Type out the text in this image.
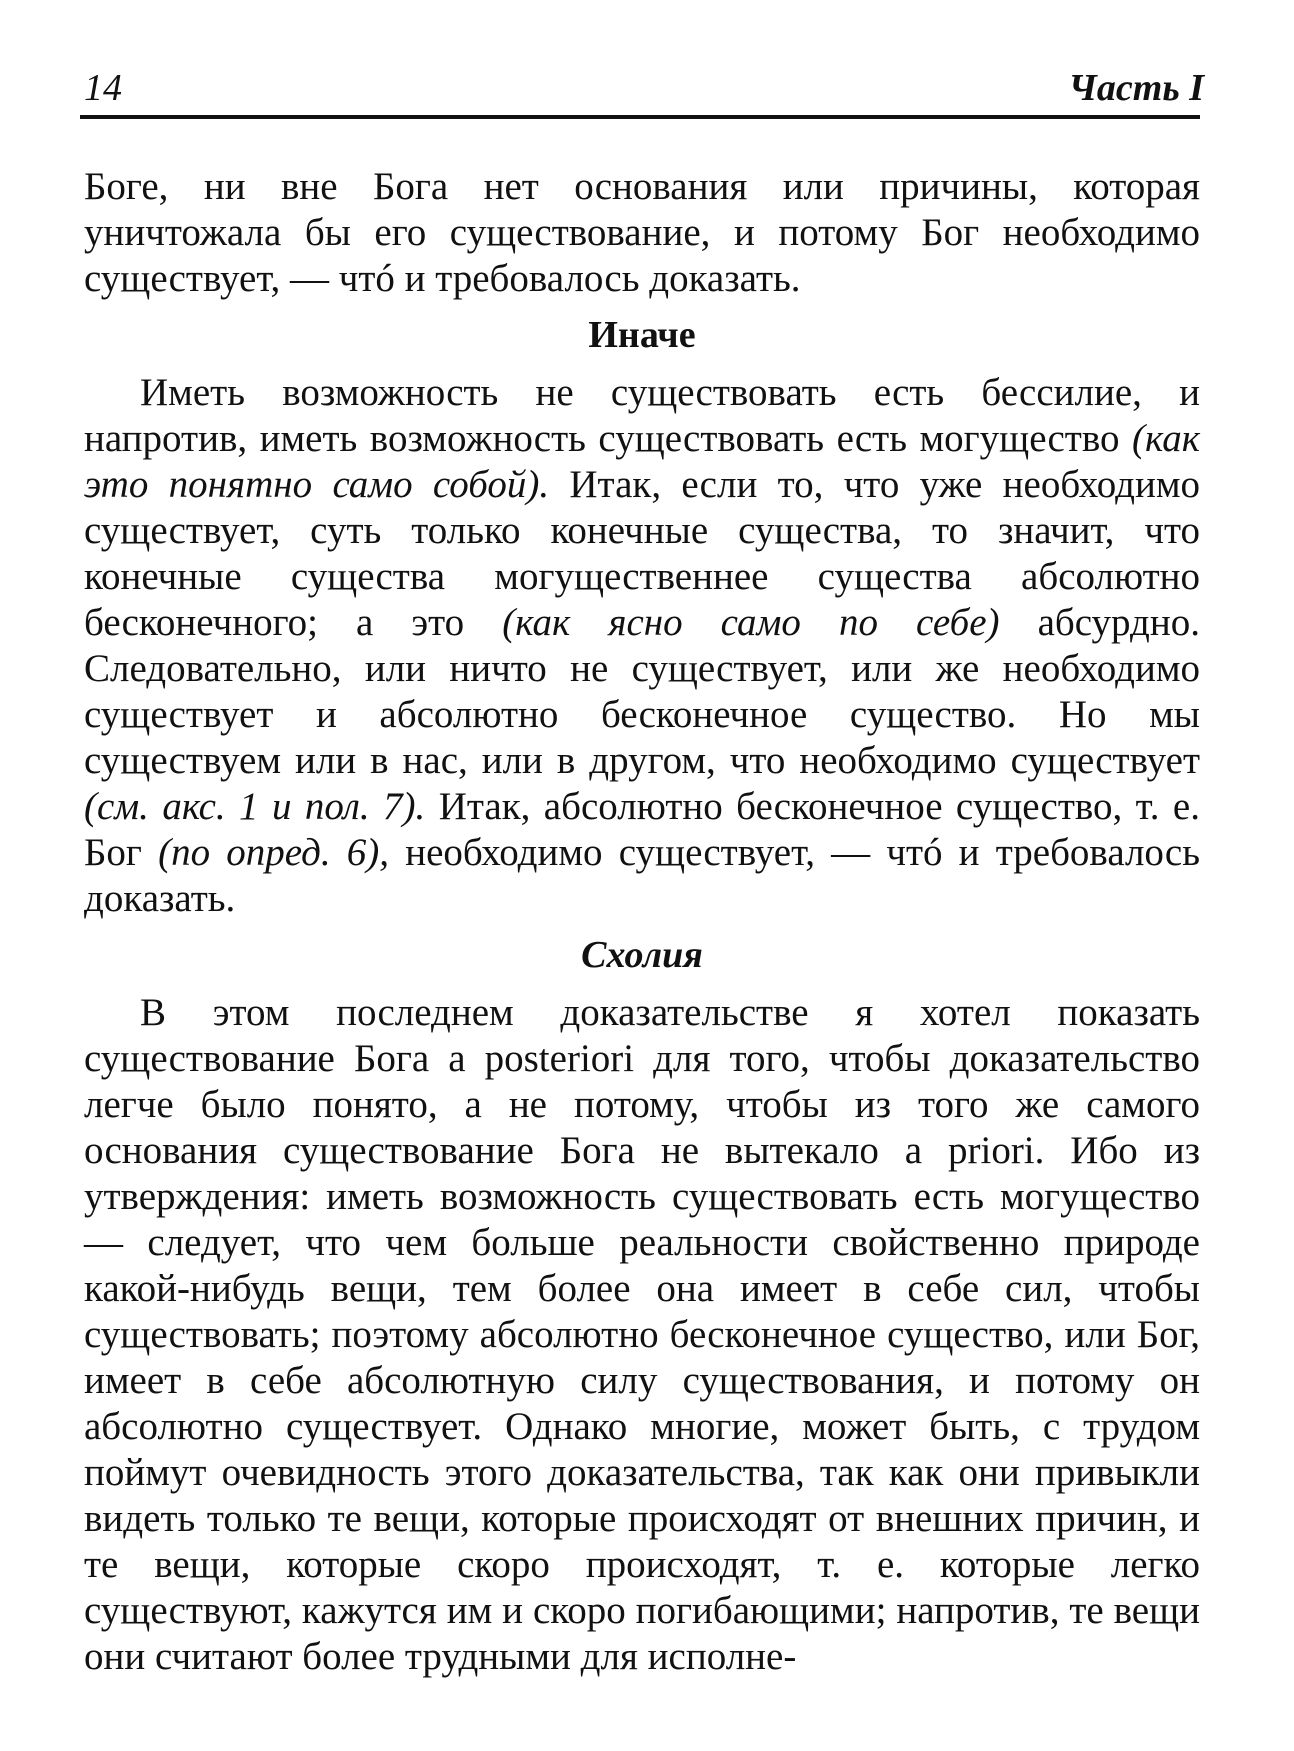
14	Часть I

Боге, ни вне Бога нет основания или причины, которая уничтожала бы его существование, и потому Бог необходимо существует, — чтó и требовалось доказать.

Иначе

Иметь возможность не существовать есть бессилие, и напротив, иметь возможность существовать есть могущество (как это понятно само собой). Итак, если то, что уже необходимо существует, суть только конечные существа, то значит, что конечные существа могущественнее существа абсолютно бесконечного; а это (как ясно само по себе) абсурдно. Следовательно, или ничто не существует, или же необходимо существует и абсолютно бесконечное существо. Но мы существуем или в нас, или в другом, что необходимо существует (см. акс. 1 и пол. 7). Итак, абсолютно бесконечное существо, т. е. Бог (по опред. 6), необходимо существует, — чтó и требовалось доказать.

Схолия

В этом последнем доказательстве я хотел показать существование Бога a posteriori для того, чтобы доказательство легче было понято, а не потому, чтобы из того же самого основания существование Бога не вытекало a priori. Ибо из утверждения: иметь возможность существовать есть могущество — следует, что чем больше реальности свойственно природе какой-нибудь вещи, тем более она имеет в себе сил, чтобы существовать; поэтому абсолютно бесконечное существо, или Бог, имеет в себе абсолютную силу существования, и потому он абсолютно существует. Однако многие, может быть, с трудом поймут очевидность этого доказательства, так как они привыкли видеть только те вещи, которые происходят от внешних причин, и те вещи, которые скоро происходят, т. е. которые легко существуют, кажутся им и скоро погибающими; напротив, те вещи они считают более трудными для исполне-
